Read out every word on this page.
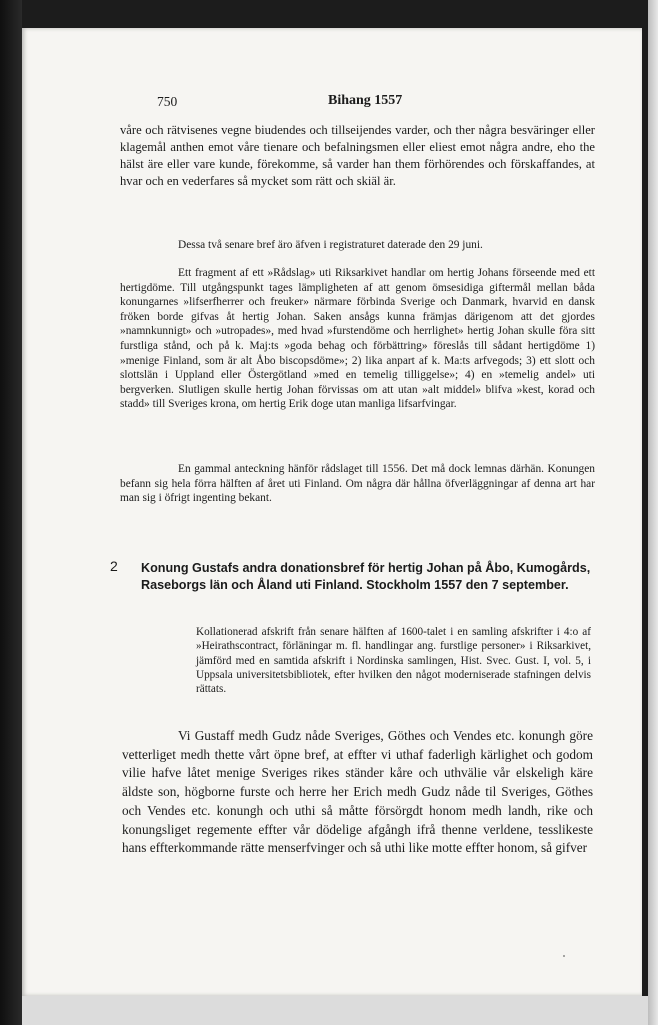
750	Bihang 1557

våre och rätvisenes vegne biudendes och tillseijendes varder, och ther några besväringer eller klagemål anthen emot våre tienare och befalningsmen eller eliest emot några andre, eho the hälst äre eller vare kunde, förekomme, så varder han them förhörendes och förskaffandes, at hvar och en vederfares så mycket som rätt och skiäl är.

Dessa två senare bref äro äfven i registraturet daterade den 29 juni.

Ett fragment af ett »Rådslag» uti Riksarkivet handlar om hertig Johans förseende med ett hertigdöme. Till utgångspunkt tages lämpligheten af att genom ömsesidiga giftermål mellan båda konungarnes »lifserfherrer och freuker» närmare förbinda Sverige och Danmark, hvarvid en dansk fröken borde gifvas åt hertig Johan. Saken ansågs kunna främjas därigenom att det gjordes »namnkunnigt» och »utropades», med hvad »furstendöme och herrlighet» hertig Johan skulle föra sitt furstliga stånd, och på k. Maj:ts »goda behag och förbättring» föreslås till sådant hertigdöme 1) »menige Finland, som är alt Åbo biscopsdöme»; 2) lika anpart af k. Ma:ts arfvegods; 3) ett slott och slottslän i Uppland eller Östergötland »med en temelig tilliggelse»; 4) en »temelig andel» uti bergverken. Slutligen skulle hertig Johan förvissas om att utan »alt middel» blifva »kest, korad och stadd» till Sveriges krona, om hertig Erik doge utan manliga lifsarfvingar.

En gammal anteckning hänför rådslaget till 1556. Det må dock lemnas därhän. Konungen befann sig hela förra hälften af året uti Finland. Om några där hållna öfverläggningar af denna art har man sig i öfrigt ingenting bekant.

2 Konung Gustafs andra donationsbref för hertig Johan på Åbo, Kumogårds, Raseborgs län och Åland uti Finland. Stockholm 1557 den 7 september.

Kollationerad afskrift från senare hälften af 1600-talet i en samling afskrifter i 4:o af »Heirathscontract, förläningar m. fl. handlingar ang. furstlige personer» i Riksarkivet, jämförd med en samtida afskrift i Nordinska samlingen, Hist. Svec. Gust. I, vol. 5, i Uppsala universitetsbibliotek, efter hvilken den något moderniserade stafningen delvis rättats.

Vi Gustaff medh Gudz nåde Sveriges, Göthes och Vendes etc. konungh göre vetterliget medh thette vårt öpne bref, at effter vi uthaf faderligh kärlighet och godom vilie hafve låtet menige Sveriges rikes ständer kåre och uthvälie vår elskeligh käre äldste son, högborne furste och herre her Erich medh Gudz nåde til Sveriges, Göthes och Vendes etc. konungh och uthi så måtte försörgdt honom medh landh, rike och konungsliget regemente effter vår dödelige afgångh ifrå thenne verldene, tesslikeste hans effterkommande rätte menserfvinger och så uthi like motte effter honom, så gifver
